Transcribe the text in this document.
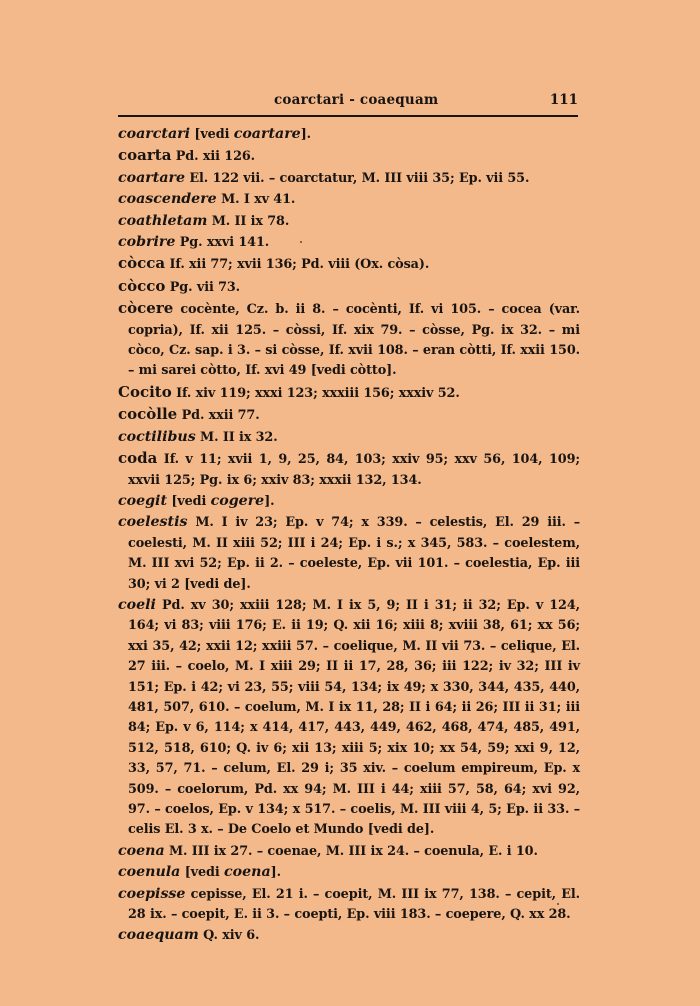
coarctari - coaequam	111

coarctari [vedi coartare].

coarta Pd. xii 126.

coartare El. 122 vii. – coarctatur, M. III viii 35; Ep. vii 55.

coascendere M. I xv 41.

coathletam M. II ix 78.

cobrire Pg. xxvi 141.

còcca If. xii 77; xvii 136; Pd. viii (Ox. còsa).

còcco Pg. vii 73.

còcere cocènte, Cz. b. ii 8. – cocènti, If. vi 105. – cocea (var. copria), If. xii 125. – còssi, If. xix 79. – còsse, Pg. ix 32. – mi còco, Cz. sap. i 3. – si còsse, If. xvii 108. – eran còtti, If. xxii 150. – mi sarei còtto, If. xvi 49 [vedi còtto].

Cocito If. xiv 119; xxxi 123; xxxiii 156; xxxiv 52.

cocòlle Pd. xxii 77.

coctilibus M. II ix 32.

coda If. v 11; xvii 1, 9, 25, 84, 103; xxiv 95; xxv 56, 104, 109; xxvii 125; Pg. ix 6; xxiv 83; xxxii 132, 134.

coegit [vedi cogere].

coelestis M. I iv 23; Ep. v 74; x 339. – celestis, El. 29 iii. – coelesti, M. II xiii 52; III i 24; Ep. i s.; x 345, 583. – coelestem, M. III xvi 52; Ep. ii 2. – coeleste, Ep. vii 101. – coelestia, Ep. iii 30; vi 2 [vedi de].

coeli Pd. xv 30; xxiii 128; M. I ix 5, 9; II i 31; ii 32; Ep. v 124, 164; vi 83; viii 176; E. ii 19; Q. xii 16; xiii 8; xviii 38, 61; xx 56; xxi 35, 42; xxii 12; xxiii 57. – coelique, M. II vii 73. – celique, El. 27 iii. – coelo, M. I xiii 29; II ii 17, 28, 36; iii 122; iv 32; III iv 151; Ep. i 42; vi 23, 55; viii 54, 134; ix 49; x 330, 344, 435, 440, 481, 507, 610. – coelum, M. I ix 11, 28; II i 64; ii 26; III ii 31; iii 84; Ep. v 6, 114; x 414, 417, 443, 449, 462, 468, 474, 485, 491, 512, 518, 610; Q. iv 6; xii 13; xiii 5; xix 10; xx 54, 59; xxi 9, 12, 33, 57, 71. – celum, El. 29 i; 35 xiv. – coelum empireum, Ep. x 509. – coelorum, Pd. xx 94; M. III i 44; xiii 57, 58, 64; xvi 92, 97. – coelos, Ep. v 134; x 517. – coelis, M. III viii 4, 5; Ep. ii 33. – celis El. 3 x. – De Coelo et Mundo [vedi de].

coena M. III ix 27. – coenae, M. III ix 24. – coenula, E. i 10.

coenula [vedi coena].

coepisse cepisse, El. 21 i. – coepit, M. III ix 77, 138. – cepit, El. 28 ix. – coepit, E. ii 3. – coepti, Ep. viii 183. – coepere, Q. xx 28.

coaequam Q. xiv 6.
